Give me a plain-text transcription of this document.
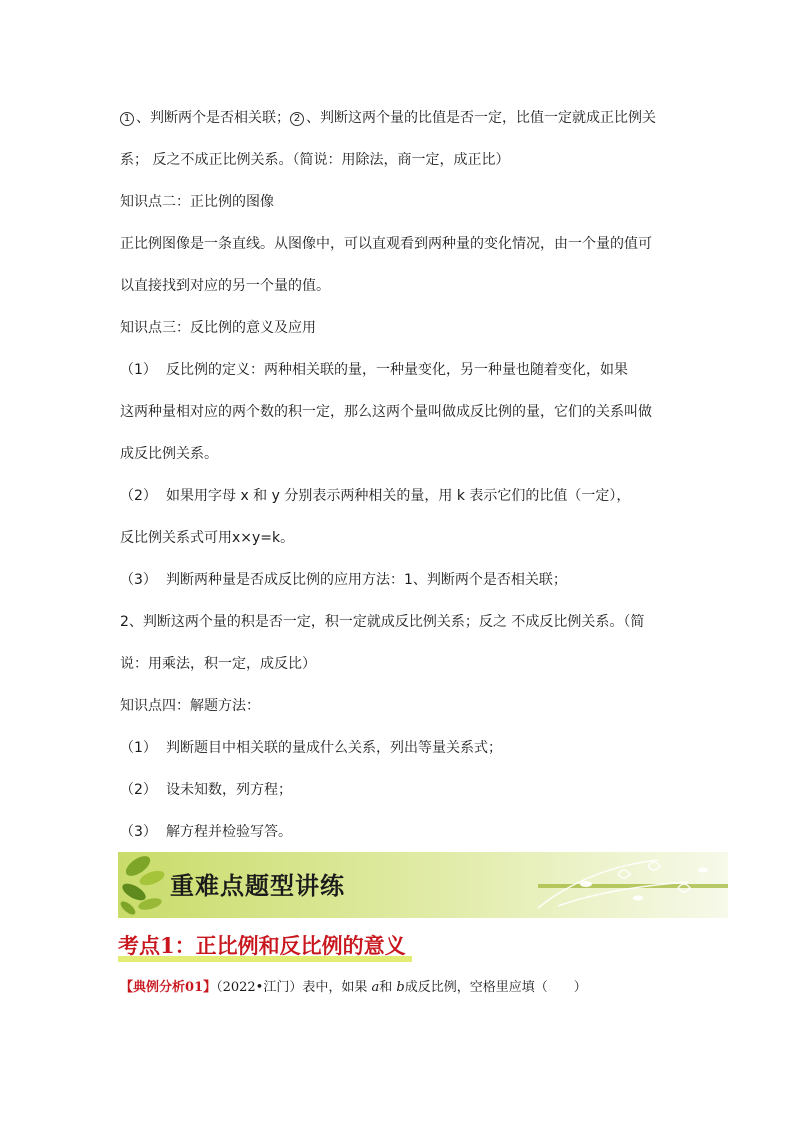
1 、判断两个是否相关联； 2 、判断这两个量的比值是否一定，比值一定就成正比例关
系； 反之不成正比例关系。（简说：用除法，商一定，成正比）
知识点二：正比例的图像
正比例图像是一条直线。从图像中，可以直观看到两种量的变化情况，由一个量的值可
以直接找到对应的另一个量的值。
知识点三：反比例的意义及应用
（1） 反比例的定义：两种相关联的量，一种量变化，另一种量也随着变化，如果
这两种量相对应的两个数的积一定，那么这两个量叫做成反比例的量，它们的关系叫做
成反比例关系。
（2） 如果用字母 x 和 y 分别表示两种相关的量，用 k 表示它们的比值（一定），
反比例关系式可用x×y=k。
（3） 判断两种量是否成反比例的应用方法：1、判断两个是否相关联；
2、判断这两个量的积是否一定，积一定就成反比例关系；反之 不成反比例关系。（简
说：用乘法，积一定，成反比）
知识点四：解题方法：
（1） 判断题目中相关联的量成什么关系，列出等量关系式；
（2） 设未知数，列方程；
（3） 解方程并检验写答。
重难点题型讲练
考点1：正比例和反比例的意义
【典例分析01】（2022•江门）表中，如果 a和 b成反比例，空格里应填（　　）
